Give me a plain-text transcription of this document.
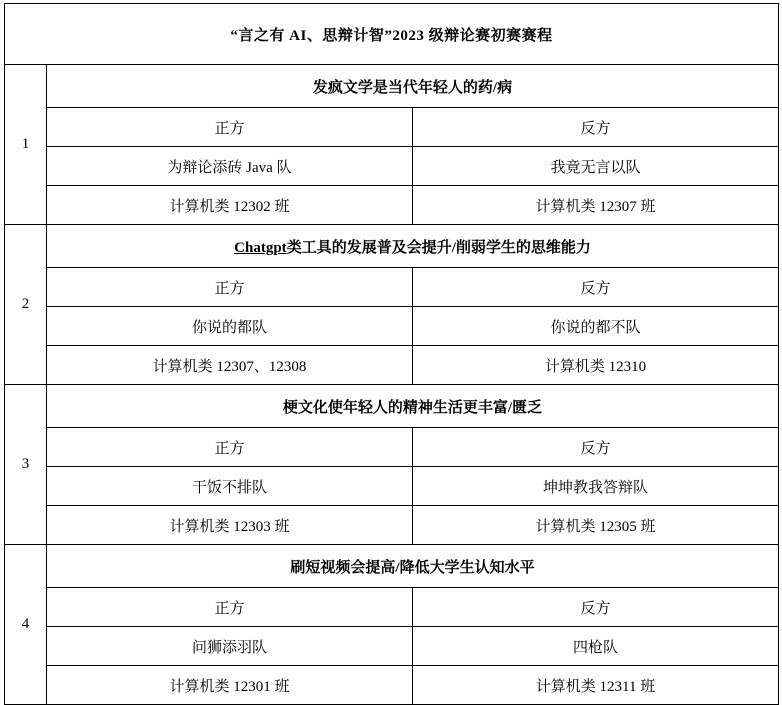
“言之有 AI、思辩计智”2023 级辩论赛初赛赛程		
1	发疯文学是当代年轻人的药/病	
	正方	反方
	为辩论添砖 Java 队	我竟无言以队
	计算机类 12302 班	计算机类 12307 班
2	Chatgpt类工具的发展普及会提升/削弱学生的思维能力	
	正方	反方
	你说的都队	你说的都不队
	计算机类 12307、12308	计算机类 12310
3	梗文化使年轻人的精神生活更丰富/匮乏	
	正方	反方
	干饭不排队	坤坤教我答辩队
	计算机类 12303 班	计算机类 12305 班
4	刷短视频会提高/降低大学生认知水平	
	正方	反方
	问狮添羽队	四枪队
	计算机类 12301 班	计算机类 12311 班
